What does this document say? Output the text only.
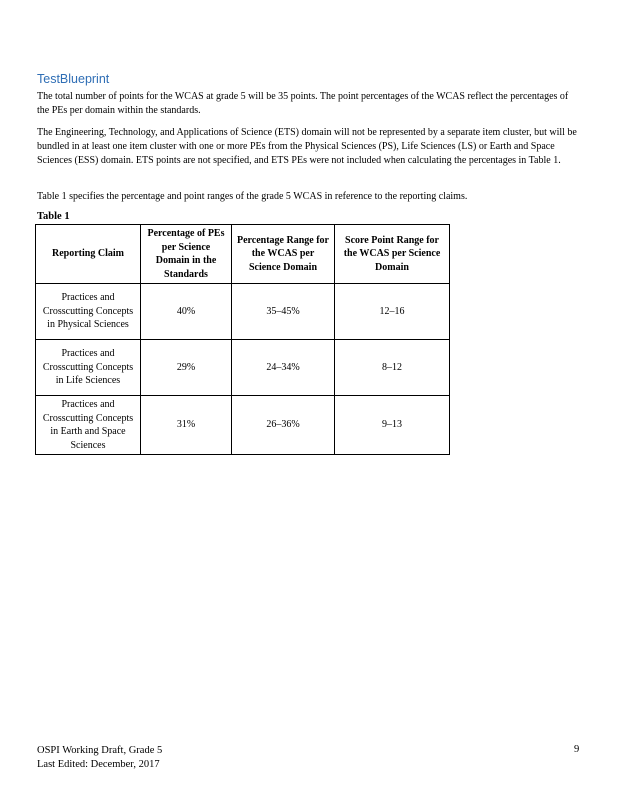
TestBlueprint
The total number of points for the WCAS at grade 5 will be 35 points. The point percentages of the WCAS reflect the percentages of the PEs per domain within the standards.
The Engineering, Technology, and Applications of Science (ETS) domain will not be represented by a separate item cluster, but will be bundled in at least one item cluster with one or more PEs from the Physical Sciences (PS), Life Sciences (LS) or Earth and Space Sciences (ESS) domain. ETS points are not specified, and ETS PEs were not included when calculating the percentages in Table 1.
Table 1 specifies the percentage and point ranges of the grade 5 WCAS in reference to the reporting claims.
Table 1
Reporting Claim	Percentage of PEs per Science Domain in the Standards	Percentage Range for the WCAS per Science Domain	Score Point Range for the WCAS per Science Domain
Practices and Crosscutting Concepts in Physical Sciences	40%	35–45%	12–16
Practices and Crosscutting Concepts in Life Sciences	29%	24–34%	8–12
Practices and Crosscutting Concepts in Earth and Space Sciences	31%	26–36%	9–13
OSPI Working Draft, Grade 5
Last Edited: December, 2017
9
